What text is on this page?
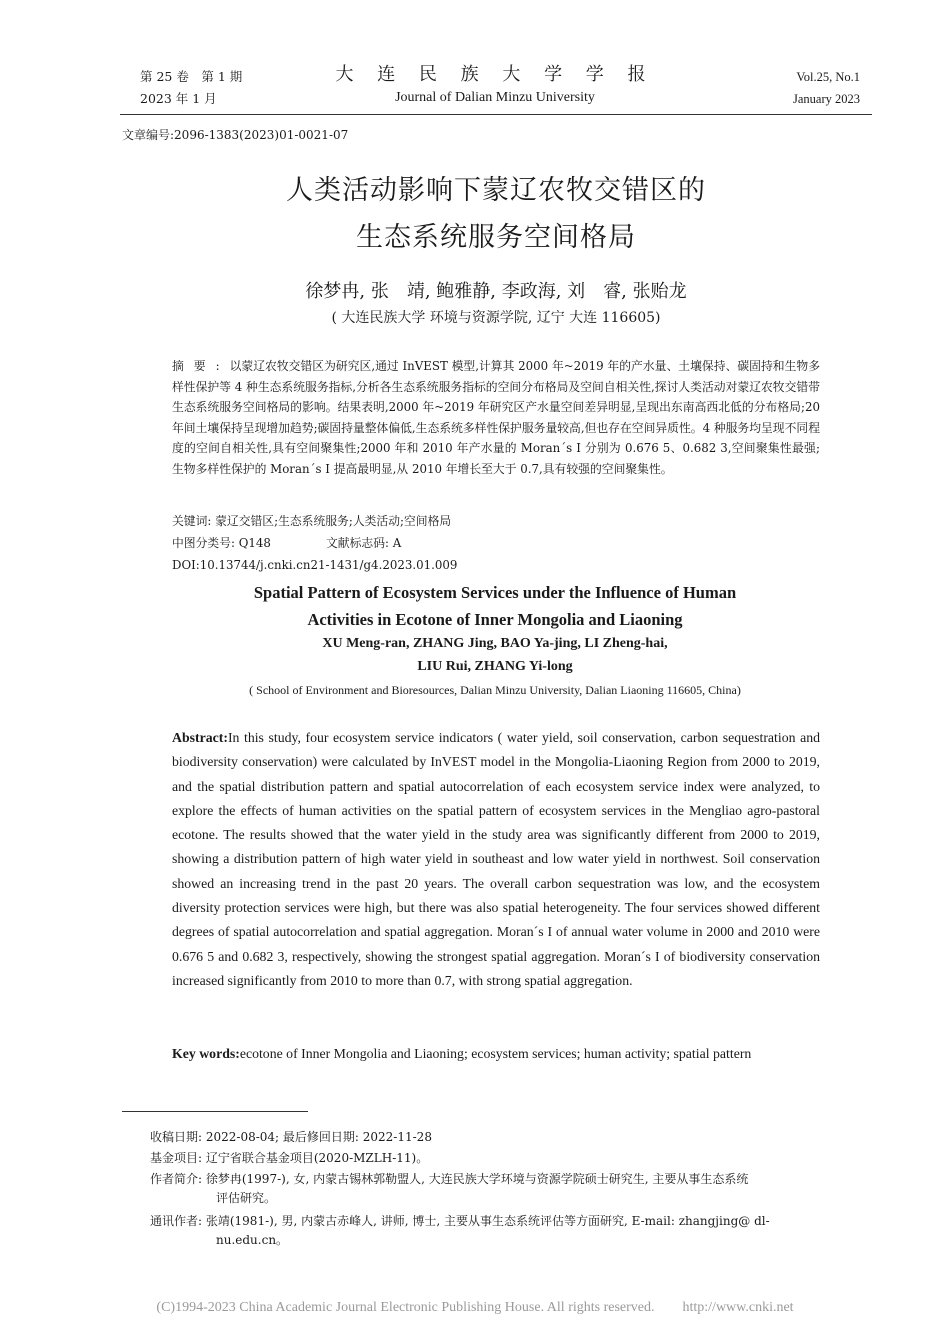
第 25 卷　第 1 期
2023 年 1 月
大 连 民 族 大 学 学 报
Journal of Dalian Minzu University
Vol.25, No.1
January 2023
文章编号:2096-1383(2023)01-0021-07
人类活动影响下蒙辽农牧交错区的
生态系统服务空间格局
徐梦冉, 张　靖, 鲍雅静, 李政海, 刘　睿, 张贻龙
( 大连民族大学 环境与资源学院, 辽宁 大连 116605)
摘要:以蒙辽农牧交错区为研究区,通过 InVEST 模型,计算其 2000 年~2019 年的产水量、土壤保持、碳固持和生物多样性保护等 4 种生态系统服务指标,分析各生态系统服务指标的空间分布格局及空间自相关性,探讨人类活动对蒙辽农牧交错带生态系统服务空间格局的影响。结果表明,2000 年~2019 年研究区产水量空间差异明显,呈现出东南高西北低的分布格局;20 年间土壤保持呈现增加趋势;碳固持量整体偏低,生态系统多样性保护服务量较高,但也存在空间异质性。4 种服务均呈现不同程度的空间自相关性,具有空间聚集性;2000 年和 2010 年产水量的 Moran´s I 分别为 0.676 5、0.682 3,空间聚集性最强;生物多样性保护的 Moran´s I 提高最明显,从 2010 年增长至大于 0.7,具有较强的空间聚集性。
关键词: 蒙辽交错区;生态系统服务;人类活动;空间格局
中图分类号: Q148	文献标志码: A
DOI:10.13744/j.cnki.cn21-1431/g4.2023.01.009
Spatial Pattern of Ecosystem Services under the Influence of Human
Activities in Ecotone of Inner Mongolia and Liaoning
XU Meng-ran, ZHANG Jing, BAO Ya-jing, LI Zheng-hai,
LIU Rui, ZHANG Yi-long
( School of Environment and Bioresources, Dalian Minzu University, Dalian Liaoning 116605, China)
Abstract:In this study, four ecosystem service indicators ( water yield, soil conservation, carbon sequestration and biodiversity conservation) were calculated by InVEST model in the Mongolia-Liaoning Region from 2000 to 2019, and the spatial distribution pattern and spatial autocorrelation of each ecosystem service index were analyzed, to explore the effects of human activities on the spatial pattern of ecosystem services in the Mengliao agro-pastoral ecotone. The results showed that the water yield in the study area was significantly different from 2000 to 2019, showing a distribution pattern of high water yield in southeast and low water yield in northwest. Soil conservation showed an increasing trend in the past 20 years. The overall carbon sequestration was low, and the ecosystem diversity protection services were high, but there was also spatial heterogeneity. The four services showed different degrees of spatial autocorrelation and spatial aggregation. Moran´s I of annual water volume in 2000 and 2010 were 0.676 5 and 0.682 3, respectively, showing the strongest spatial aggregation. Moran´s I of biodiversity conservation increased significantly from 2010 to more than 0.7, with strong spatial aggregation.
Key words:ecotone of Inner Mongolia and Liaoning; ecosystem services; human activity; spatial pattern
收稿日期: 2022-08-04; 最后修回日期: 2022-11-28
基金项目: 辽宁省联合基金项目(2020-MZLH-11)。
作者简介: 徐梦冉(1997-), 女, 内蒙古锡林郭勒盟人, 大连民族大学环境与资源学院硕士研究生, 主要从事生态系统
评估研究。
通讯作者: 张靖(1981-), 男, 内蒙古赤峰人, 讲师, 博士, 主要从事生态系统评估等方面研究, E-mail: zhangjing@ dl-
nu.edu.cn。
(C)1994-2023 China Academic Journal Electronic Publishing House. All rights reserved.　　http://www.cnki.net
